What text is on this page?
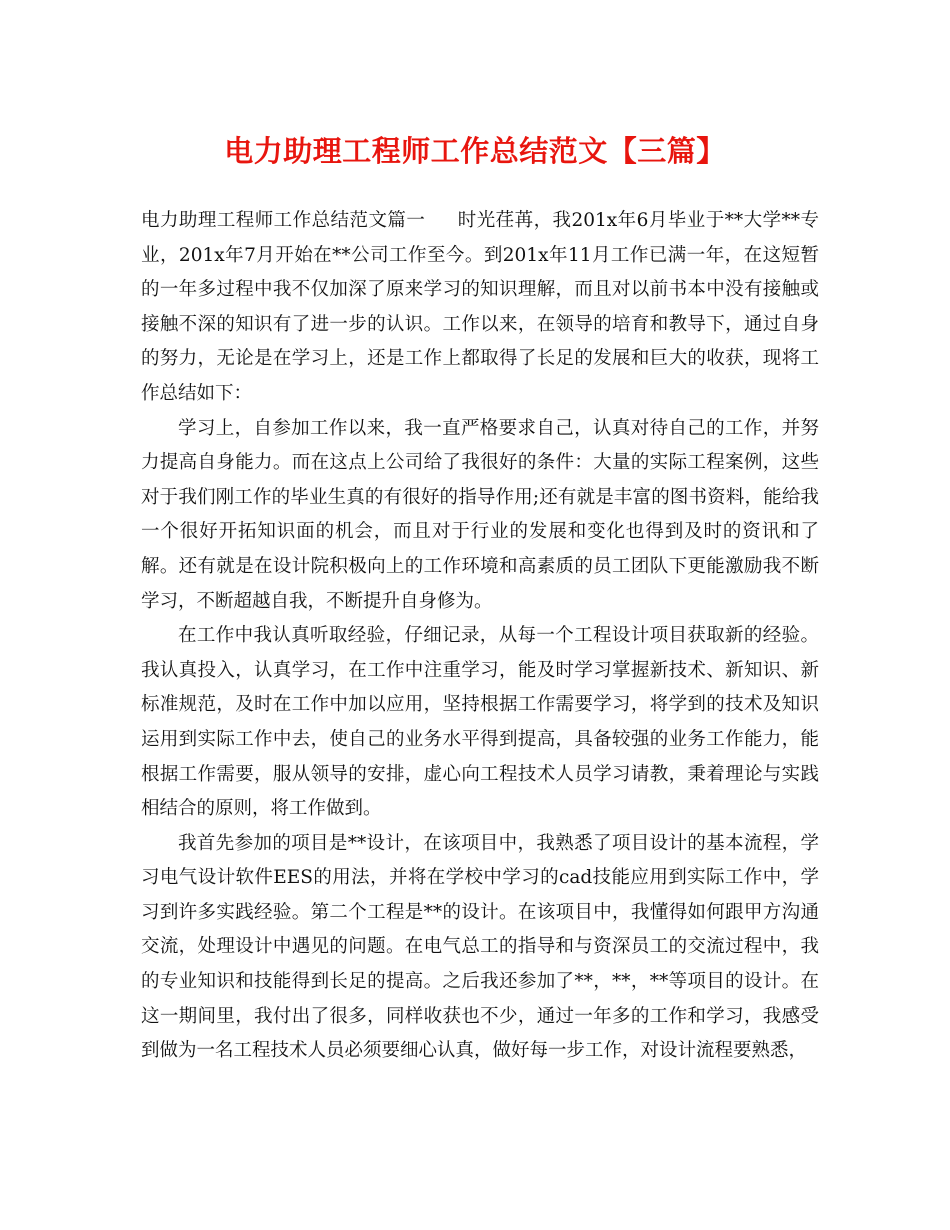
电力助理工程师工作总结范文【三篇】

电力助理工程师工作总结范文篇一 时光荏苒，我201x年6月毕业于**大学**专业，201x年7月开始在**公司工作至今。到201x年11月工作已满一年，在这短暂的一年多过程中我不仅加深了原来学习的知识理解，而且对以前书本中没有接触或接触不深的知识有了进一步的认识。工作以来，在领导的培育和教导下，通过自身的努力，无论是在学习上，还是工作上都取得了长足的发展和巨大的收获，现将工作总结如下：

学习上，自参加工作以来，我一直严格要求自己，认真对待自己的工作，并努力提高自身能力。而在这点上公司给了我很好的条件：大量的实际工程案例，这些对于我们刚工作的毕业生真的有很好的指导作用;还有就是丰富的图书资料，能给我一个很好开拓知识面的机会，而且对于行业的发展和变化也得到及时的资讯和了解。还有就是在设计院积极向上的工作环境和高素质的员工团队下更能激励我不断学习，不断超越自我，不断提升自身修为。

在工作中我认真听取经验，仔细记录，从每一个工程设计项目获取新的经验。我认真投入，认真学习，在工作中注重学习，能及时学习掌握新技术、新知识、新标准规范，及时在工作中加以应用，坚持根据工作需要学习，将学到的技术及知识运用到实际工作中去，使自己的业务水平得到提高，具备较强的业务工作能力，能根据工作需要，服从领导的安排，虚心向工程技术人员学习请教，秉着理论与实践相结合的原则，将工作做到。

我首先参加的项目是**设计，在该项目中，我熟悉了项目设计的基本流程，学习电气设计软件EES的用法，并将在学校中学习的cad技能应用到实际工作中，学习到许多实践经验。第二个工程是**的设计。在该项目中，我懂得如何跟甲方沟通交流，处理设计中遇见的问题。在电气总工的指导和与资深员工的交流过程中，我的专业知识和技能得到长足的提高。之后我还参加了**，**，**等项目的设计。在这一期间里，我付出了很多，同样收获也不少，通过一年多的工作和学习，我感受到做为一名工程技术人员必须要细心认真，做好每一步工作，对设计流程要熟悉，
